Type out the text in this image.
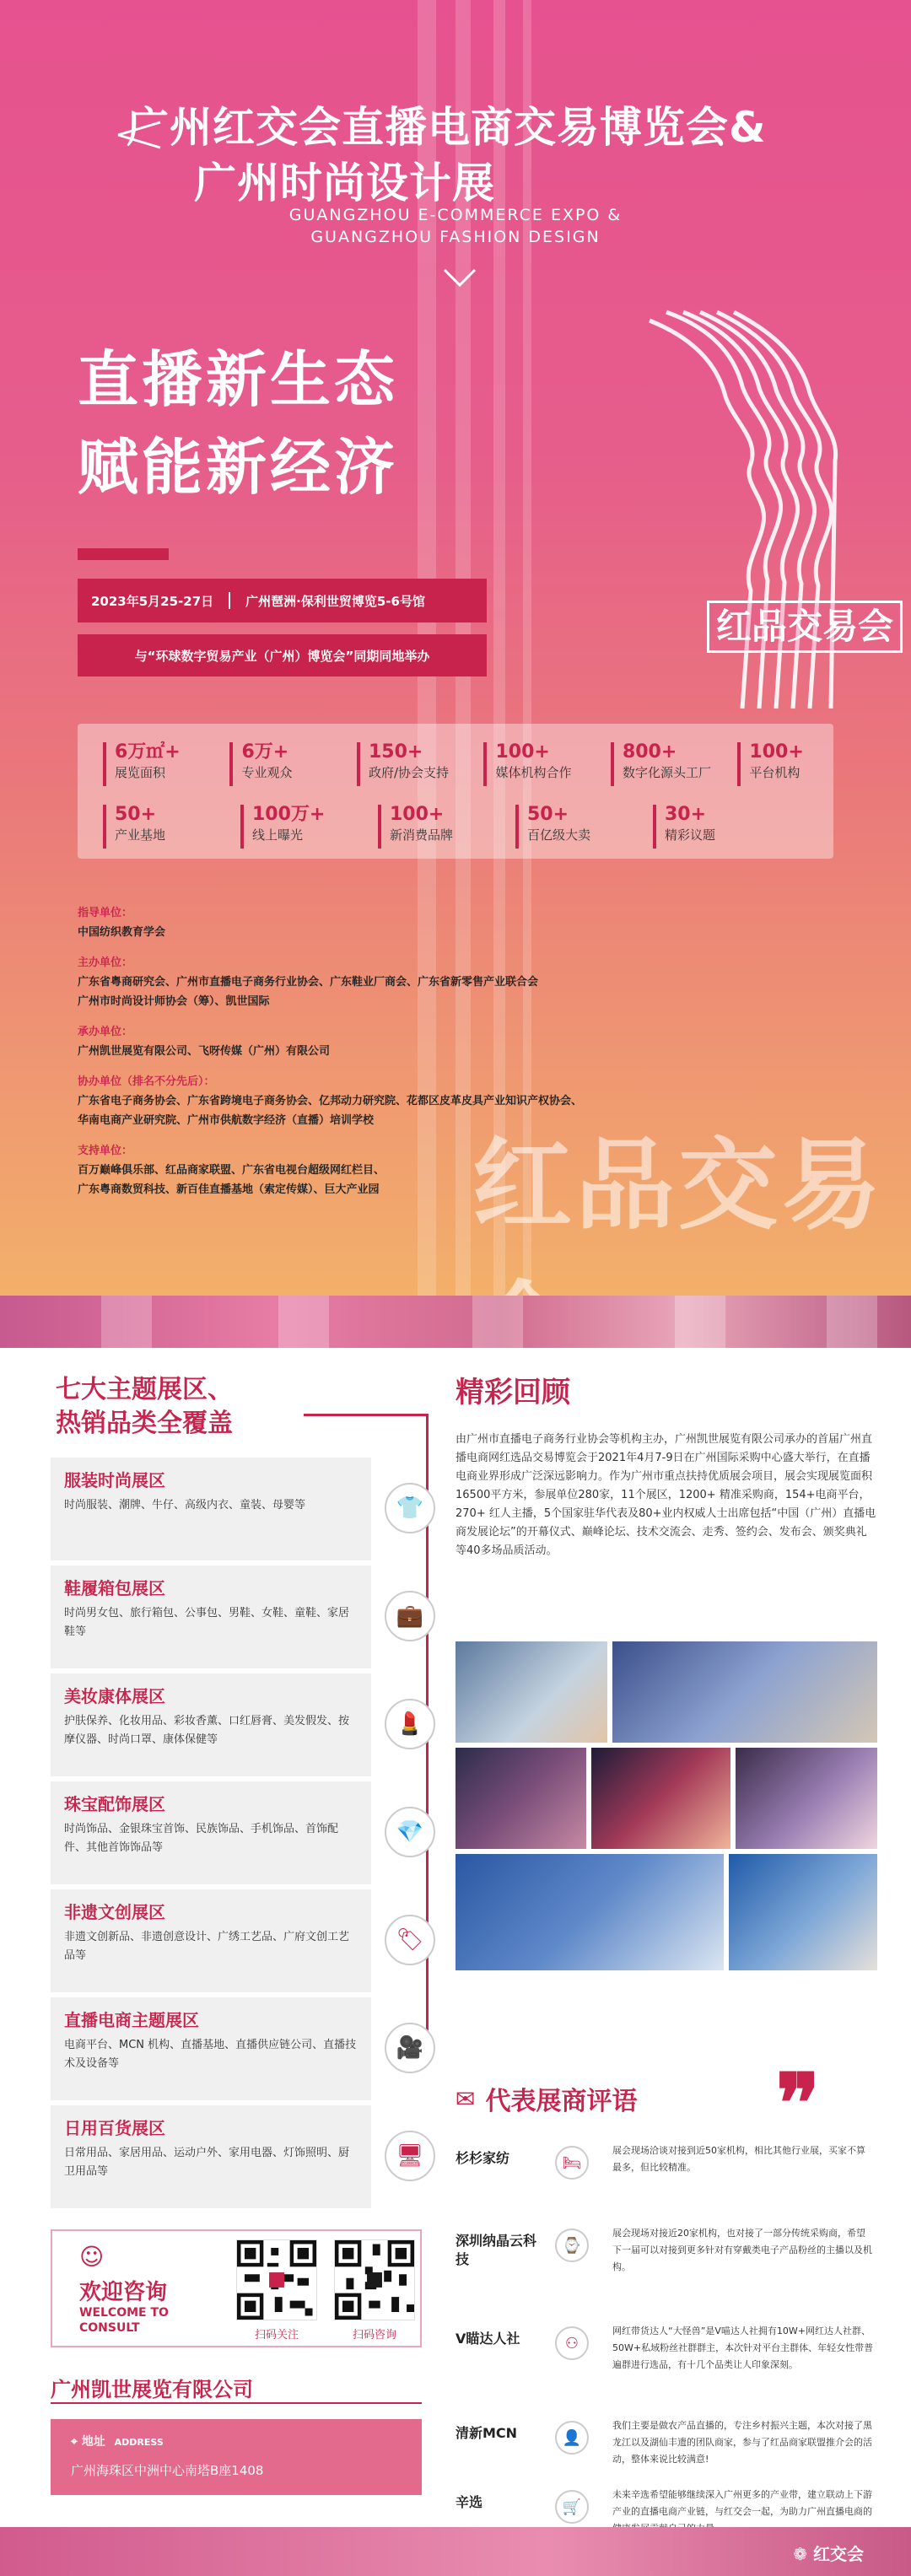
广州红交会直播电商交易博览会&
广州时尚设计展
GUANGZHOU E-COMMERCE EXPO &
GUANGZHOU FASHION DESIGN
直播新生态
赋能新经济
2023年5月25-27日	广州琶洲·保利世贸博览5-6号馆
与“环球数字贸易产业（广州）博览会”同期同地举办
红品交易会
红品交易
6万㎡+
展览面积
6万+
专业观众
150+
政府/协会支持
100+
媒体机构合作
800+
数字化源头工厂
100+
平台机构
50+
产业基地
100万+
线上曝光
100+
新消费品牌
50+
百亿级大卖
30+
精彩议题
指导单位：
中国纺织教育学会
主办单位：
广东省粤商研究会、广州市直播电子商务行业协会、广东鞋业厂商会、广东省新零售产业联合会
广州市时尚设计师协会（筹）、凯世国际
承办单位：
广州凯世展览有限公司、飞呀传媒（广州）有限公司
协办单位（排名不分先后）：
广东省电子商务协会、广东省跨境电子商务协会、亿邦动力研究院、花都区皮革皮具产业知识产权协会、
华南电商产业研究院、广州市供航数字经济（直播）培训学校
支持单位：
百万巅峰俱乐部、红品商家联盟、广东省电视台超级网红栏目、
广东粤商数贸科技、新百佳直播基地（索定传媒）、巨大产业园
七大主题展区、
热销品类全覆盖
服装时尚展区
时尚服装、潮牌、牛仔、高级内衣、童装、母婴等	👕
鞋履箱包展区
时尚男女包、旅行箱包、公事包、男鞋、女鞋、童鞋、家居鞋等
💼
美妆康体展区
护肤保养、化妆用品、彩妆香薰、口红唇膏、美发假发、按摩仪器、时尚口罩、康体保健等
💄
珠宝配饰展区
时尚饰品、金银珠宝首饰、民族饰品、手机饰品、首饰配件、其他首饰饰品等
💎
非遗文创展区
非遗文创新品、非遗创意设计、广绣工艺品、广府文创工艺品等
🏷
直播电商主题展区
电商平台、MCN 机构、直播基地、直播供应链公司、直播技术及设备等
🎥
日用百货展区
日常用品、家居用品、运动户外、家用电器、灯饰照明、厨卫用品等
🖥
☺
欢迎咨询
WELCOME TO
CONSULT
扫码关注	扫码咨询
广州凯世展览有限公司
⌖ 地址 ADDRESS
广州海珠区中洲中心南塔B座1408
精彩回顾
由广州市直播电子商务行业协会等机构主办，广州凯世展览有限公司承办的首届广州直播电商网红选品交易博览会于2021年4月7-9日在广州国际采购中心盛大举行，在直播电商业界形成广泛深远影响力。作为广州市重点扶持优质展会项目，展会实现展览面积16500平方米，参展单位280家，11个展区，1200+ 精准采购商，154+电商平台，270+ 红人主播，5个国家驻华代表及80+业内权威人士出席包括“中国（广州）直播电商发展论坛”的开幕仪式、巅峰论坛、技术交流会、走秀、签约会、发布会、颁奖典礼等40多场品质活动。
✉ 代表展商评语 ❞
杉杉家纺	🛏
展会现场洽谈对接到近50家机构，相比其他行业展，买家不算最多，但比较精准。
深圳纳晶云科技
⌚
展会现场对接近20家机构，也对接了一部分传统采购商，希望下一届可以对接到更多针对有穿戴类电子产品粉丝的主播以及机构。
V瞄达人社	⚇
网红带货达人“大怪兽”是V喵达人社拥有10W+网红达人社群、50W+私域粉丝社群群主，本次针对平台主群体、年轻女性带普遍群进行选品，有十几个品类让人印象深刻。
清新MCN	👤
我们主要是做农产品直播的，专注乡村振兴主题，本次对接了黑龙江以及湖仙丰遗的团队商家，参与了红品商家联盟推介会的活动，整体来说比较满意!
辛选	🛒
未来辛选希望能够继续深入广州更多的产业带，建立联动上下游产业的直播电商产业链，与红交会一起，为助力广州直播电商的
❁ 红交会
